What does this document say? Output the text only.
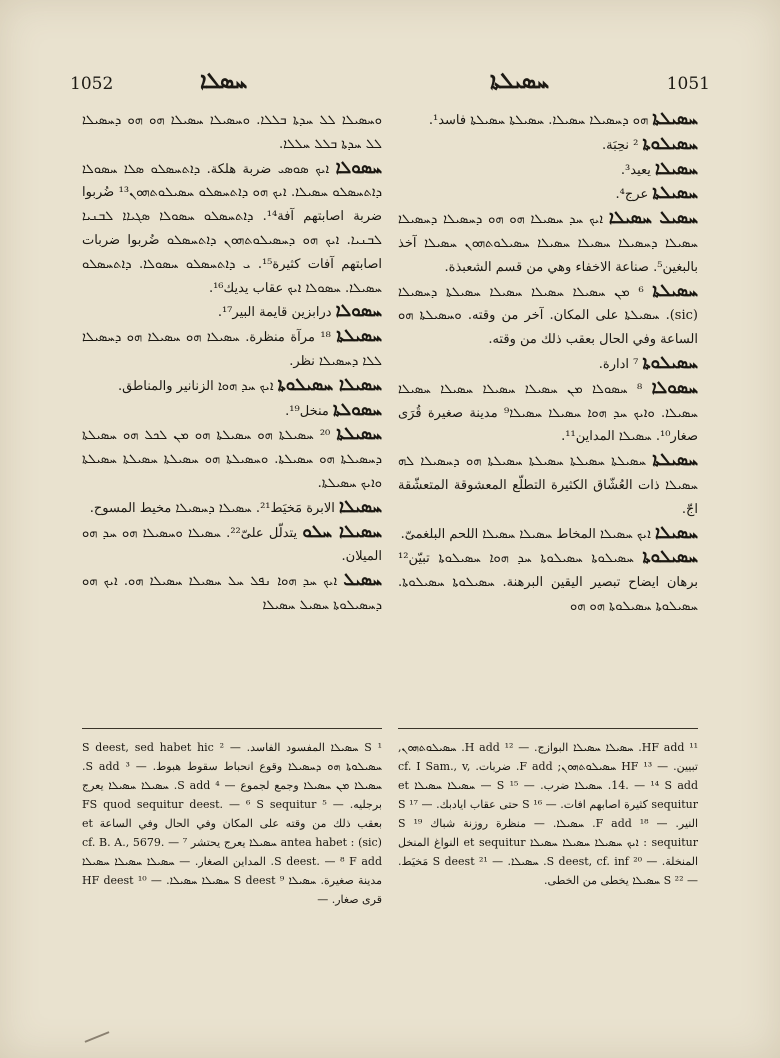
1052	ܚܣܠܐ	ܚܣܝܠܬܐ	1051

ܘܚܣܝܠܐ ܠܠ ܚܕܬܐ ܒܠܠܐ. ܘܚܣܝܠܐ ܚܣܝܠܐ ܗܘ ܗܘ ܕܚܣܝܠܐ ܠܠ ܚܕܬܐ ܒܠܠ ܚܠܠܐ.

ܚܣܘܠܐ ܐܝܟ ܣܘܣܝ ضربة هلكة. ܕܐܬܚܣܠܘ ܣܠܐ ܚܣܘܠܐ ܕܐܬܚܣܠܘ ܚܣܝܠܐ. ܐܝܟ ܗܘ ܕܐܬܚܣܠܘ ܚܣܝܠܘܬܗܘܢ¹³ ضُربوا ضربة اصابتهم آفة¹⁴. ܕܐܬܚܣܠܘ ܚܣܘܠܐ ܣܓܝܐܐ ܠܒܢܝܐ ܠܒܢܝܐ. ܐܝܟ ܗܘ ܕܚܣܝܠܘܬܗܘܢ ܕܐܬܚܣܠܘ ضُربوا ضربات اصابتهم آفات كثيرة¹⁵. ܝ ܕܐܬܚܣܠܘ ܚܣܘܠܐ. ܕܐܬܚܣܠܘ ܚܣܝܠܐ. ܚܣܘܠܐ ܐܝܟ عقاب يديك¹⁶.

ܚܣܘܠܐ درابزين قايمة البير¹⁷.

ܚܣܝܠܬܐ ¹⁸ مرآة منظرة. ܚܣܝܠܐ ܗܘ ܚܣܝܠܐ ܗܘ ܕܚܣܝܠܐ ܠܠܐ ܕܚܣܝܠܐ نظر.

ܚܣܝܠܐ ܚܣܝܠܘܬܐ ܐܝܟ ܚܕ ܗܘܐ الزنانير والمناطق.

ܚܣܘܠܬܐ منخل¹⁹.

ܚܣܝܠܬܐ ²⁰ ܚܣܝܠܬܐ ܗܘ ܚܣܝܠܬܐ ܗܘ ܡܢ ܠܟܠ ܗܘ ܚܣܝܠܬܐ ܕܚܣܝܠܬܐ ܗܘ ܚܣܝܠܬܐ. ܘܚܣܝܠܬܐ ܗܘ ܚܣܝܠܬܐ ܚܣܝܠܬܐ ܚܣܝܠܬܐ ܘܐܝܟ ܚܣܝܠܬܐ.

ܚܣܝܠܐ الابرة مَخيَط²¹. ܚܣܝܠܐ ܕܚܣܝܠܐ مخيط المسوح.

ܚܣܝܠܐ ܚܠܘ يتدلّل علىّ²². ܚܣܝܠܐ ܘܚܣܝܠܐ ܗܘ ܚܕ ܗܘ الميلان.

ܚܣܝܠ ܐܝܟ ܚܕ ܗܘܐ ܢܦܠ ܚܠ ܚܣܝܠܐ ܚܣܝܠܐ ܗܘ. ܐܝܟ ܗܘ ܕܚܣܝܠܘܬܐ ܚܣܝܠ ܚܣܝܠܐ

ܚܣܝܠܬܐ ܗܘ ܕܚܣܝܠܐ ܚܣܝܠܐ. ܚܣܝܠܬܐ ܚܣܝܠܬܐ فاسد¹.

ܚܣܝܠܘܬܐ ² نحِبَة.

ܚܣܝܠܐ يعيد³.

ܚܣܝܠܬܐ عرج⁴.

ܚܣܝܠ ܚܣܝܠܐ ܐܝܟ ܚܕ ܚܣܝܠܐ ܗܘ ܗܘ ܕܚܣܝܠܐ ܕܚܣܝܠܐ ܚܣܝܠܐ ܕܚܣܝܠܐ ܚܣܝܠܐ ܚܣܝܠܐ ܚܣܝܠܘܬܗܘܢ ܚܣܝܠܐ آخذ بالبغين⁵. صناعة الاخفاء وهي من قسم الشعبذة.

ܚܣܝܠܬܐ ⁶ ܡܢ ܚܣܝܠܐ ܚܣܝܠܐ ܚܣܝܠܐ ܚܣܝܠܬܐ ܕܚܣܝܠܐ (sic). ܚܣܝܠܬܐ على المكان. آخر من وقته. ܘܚܣܝܠܬܐ ܗܘ الساعة وفي الحال بعقب ذلك من وقته.

ܚܣܝܠܘܬܐ ⁷ ادارة.

ܚܣܘܠܐ ⁸ ܚܣܘܠܐ ܡܢ ܚܣܝܠܐ ܚܣܝܠܐ ܚܣܝܠܐ ܚܣܝܠܐ ܚܣܝܠܐ. ܘܐܝܟ ܚܕ ܗܘܐ ܚܣܝܠܐ ܚܣܝܠܐ⁹ مدينة صغيرة قُرَى صغار¹⁰. ܚܣܝܠܐ المداين¹¹.

ܚܣܝܠܬܐ ܚܣܝܠܬܐ ܚܣܝܠܬܐ ܚܣܝܠܬܐ ܚܣܝܠܬܐ ܗܘ ܕܚܣܝܠܐ ܠܗ ܚܣܝܠܐ ذات العُشّاق الكثيرة التطلّع المعشوقة المتعشّقة اجّ.

ܚܣܝܠܐ ܐܝܟ ܚܣܝܠܐ المخاط ܚܣܝܠܐ ܚܣܝܠܐ اللحم البلغمىّ.

ܚܣܝܠܘܬܐ ܚܣܝܠܘܬܐ ܚܣܝܠܘܬܐ ܚܕ ܗܘܐ ܚܣܝܠܘܬܐ تبيّن¹² برهان ايضاح تبصير اليقين البرهنة. ܚܣܝܠܘܬܐ ܚܣܝܠܘܬܐ. ܚܣܝܠܘܬܐ ܚܣܝܠܘܬܐ ܗܘ ܗܘ

¹ S ܚܣܝܠܐ المفسود الفاسد. — ² S deest, sed habet hic ܚܣܝܠܘܬܐ ܗܘ ܕܚܣܝܠܐ وقوع انحباط سقوط هبوط. — ³ S add. ܚܣܝܠܐ ܡܢ ܚܣܝܠܐ وجمع لجموع — ⁴ S add. ܚܣܝܠܐ ܚܣܝܠܐ يعرج برجليه. — ⁵ FS quod sequitur deest. — ⁶ S sequitur بعقب ذلك من وقته على المكان وفي الحال وفي الساعة et antea habet : (sic) ܚܣܝܠܐ يعرج يحتشر cf. B. A., 5679. — ⁷ S deest. — ⁸ F add. المداين الصغار. — ܚܣܝܠܐ ܚܣܝܠܐ ܚܣܝܠܐ مدينة صغيرة. ܚܣܝܠܐ ⁹ S deest ܚܣܝܠܐ ܚܣܝܠܐ. — ¹⁰ HF deest قرى صغار. —

¹¹ HF add. ܚܣܝܠܐ ܚܣܝܠܐ البوازج. — ¹² H add. ܚܣܝܠܘܬܗܘܢ, تبيين. — ¹³ HF ܚܣܝܠܘܬܗܘܢ; F add. ضربات. cf. I Sam., v, 14. — ¹⁴ S add. ܚܣܝܠܐ ضرب. — ¹⁵ S — ܚܣܝܠܐ ܚܣܝܠܐ et sequitur كثيرة اصابهم افات. — ¹⁶ S حتى عقاب ايادبك. — ¹⁷ S النير. — ¹⁸ F add. ܚܣܝܠܐ. — منظرة روزنة شباك ¹⁹ S sequitur : ܐܝܟ ܚܣܝܠܐ ܚܣܝܠܐ ܚܣܝܠܐ et sequitur النواغ المنخل المنخلة. — ²⁰ S deest, cf. inf. ܚܣܝܠܐ. — ²¹ S deest مَخيَط. — ²² S ܚܣܝܠܐ يخطى من الخطى.
